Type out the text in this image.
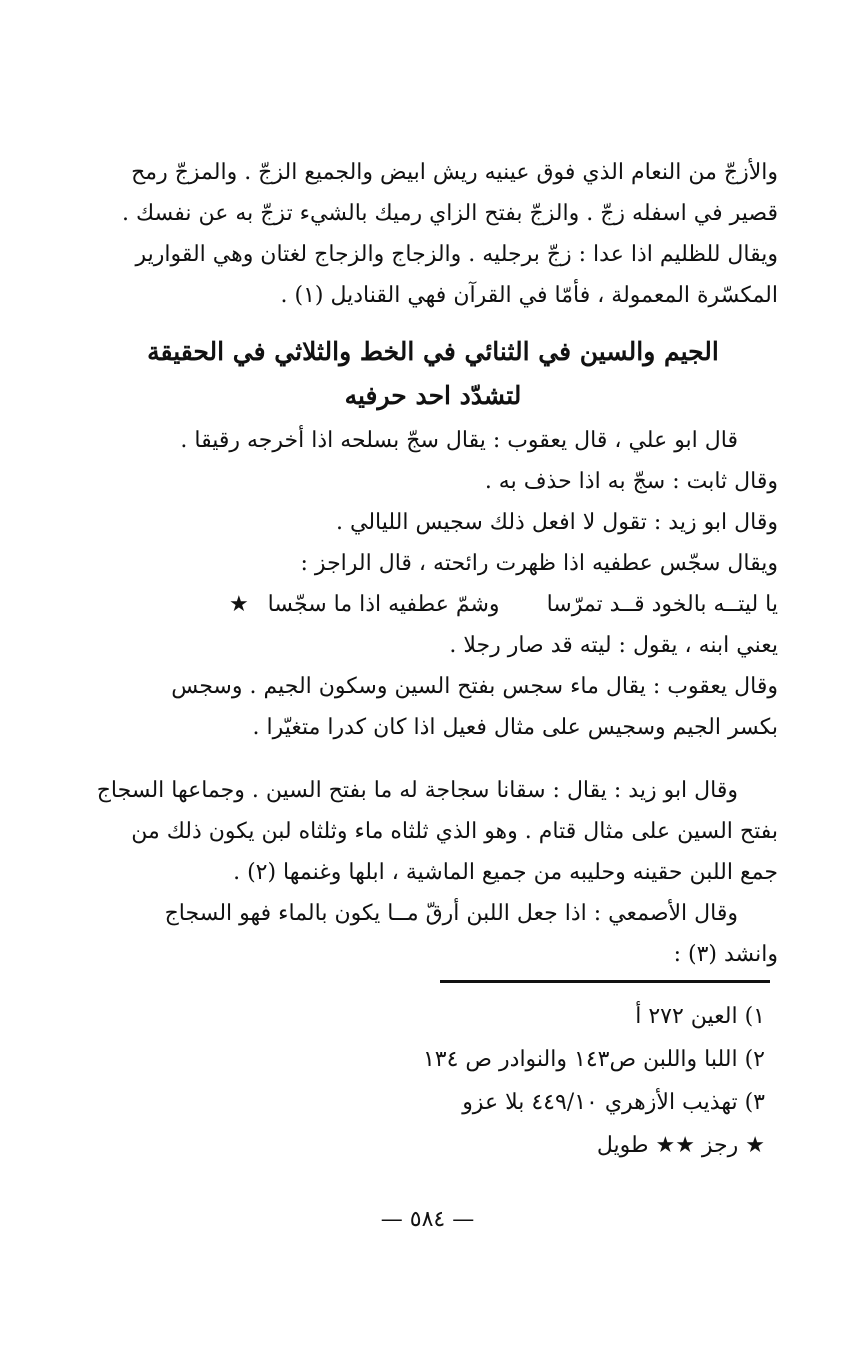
والأزجّ من النعام الذي فوق عينيه ريش ابيض والجميع الزجّ . والمزجّ رمح
قصير في اسفله زجّ . والزجّ بفتح الزاي رميك بالشيء تزجّ به عن نفسك .
ويقال للظليم اذا عدا : زجّ برجليه . والزجاج والزجاج لغتان وهي القوارير
المكسّرة المعمولة ، فأمّا في القرآن فهي القناديل (١) .
الجيم والسين في الثنائي في الخط والثلاثي في الحقيقة
لتشدّد احد حرفيه
قال ابو علي ، قال يعقوب : يقال سجّ بسلحه اذا أخرجه رقيقا .
وقال ثابت : سجّ به اذا حذف به .
وقال ابو زيد : تقول لا افعل ذلك سجيس الليالي .
ويقال سجّس عطفيه اذا ظهرت رائحته ، قال الراجز :
يا ليتــه بالخود قــد تمرّسا وشمّ عطفيه اذا ما سجّسا ★
يعني ابنه ، يقول : ليته قد صار رجلا .
وقال يعقوب : يقال ماء سجس بفتح السين وسكون الجيم . وسجس
بكسر الجيم وسجيس على مثال فعيل اذا كان كدرا متغيّرا .
وقال ابو زيد : يقال : سقانا سجاجة له ما بفتح السين . وجماعها السجاج
بفتح السين على مثال قتام . وهو الذي ثلثاه ماء وثلثاه لبن يكون ذلك من
جمع اللبن حقينه وحليبه من جميع الماشية ، ابلها وغنمها (٢) .
وقال الأصمعي : اذا جعل اللبن أرقّ مــا يكون بالماء فهو السجاج
وانشد (٣) :
١) العين ٢٧٢ أ
٢) اللبا واللبن ص١٤٣ والنوادر ص ١٣٤
٣) تهذيب الأزهري ٤٤٩/١٠ بلا عزو
★ رجز ★★ طويل
— ٥٨٤ —
